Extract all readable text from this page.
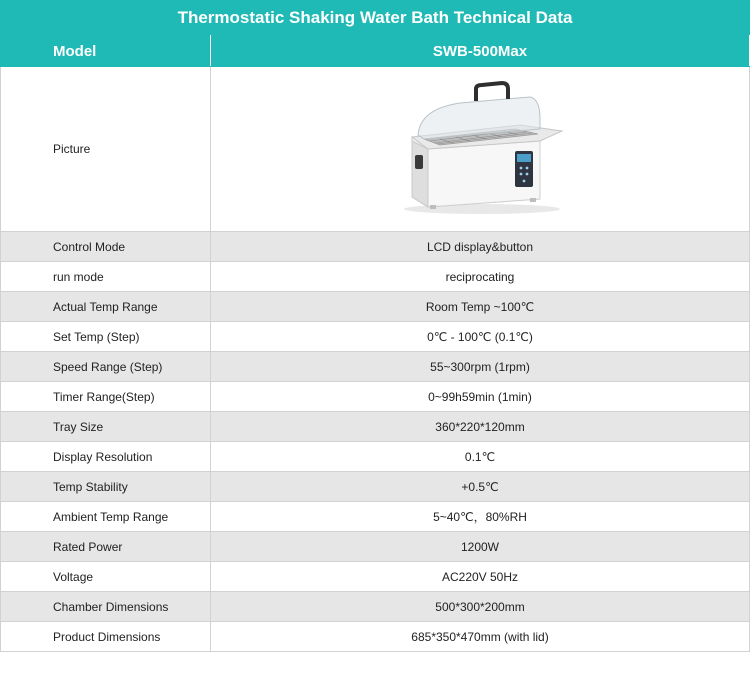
Thermostatic Shaking Water Bath Technical Data
Model	SWB-500Max
Picture	

Control Mode	LCD display&button
run mode	reciprocating
Actual Temp Range	Room Temp ~100℃
Set Temp (Step)	0℃ - 100℃ (0.1℃)
Speed Range (Step)	55~300rpm (1rpm)
Timer Range(Step)	0~99h59min (1min)
Tray Size	360*220*120mm
Display Resolution	0.1℃
Temp Stability	+0.5℃
Ambient Temp Range	5~40℃，80%RH
Rated Power	1200W
Voltage	AC220V 50Hz
Chamber Dimensions	500*300*200mm
Product Dimensions	685*350*470mm (with lid)
